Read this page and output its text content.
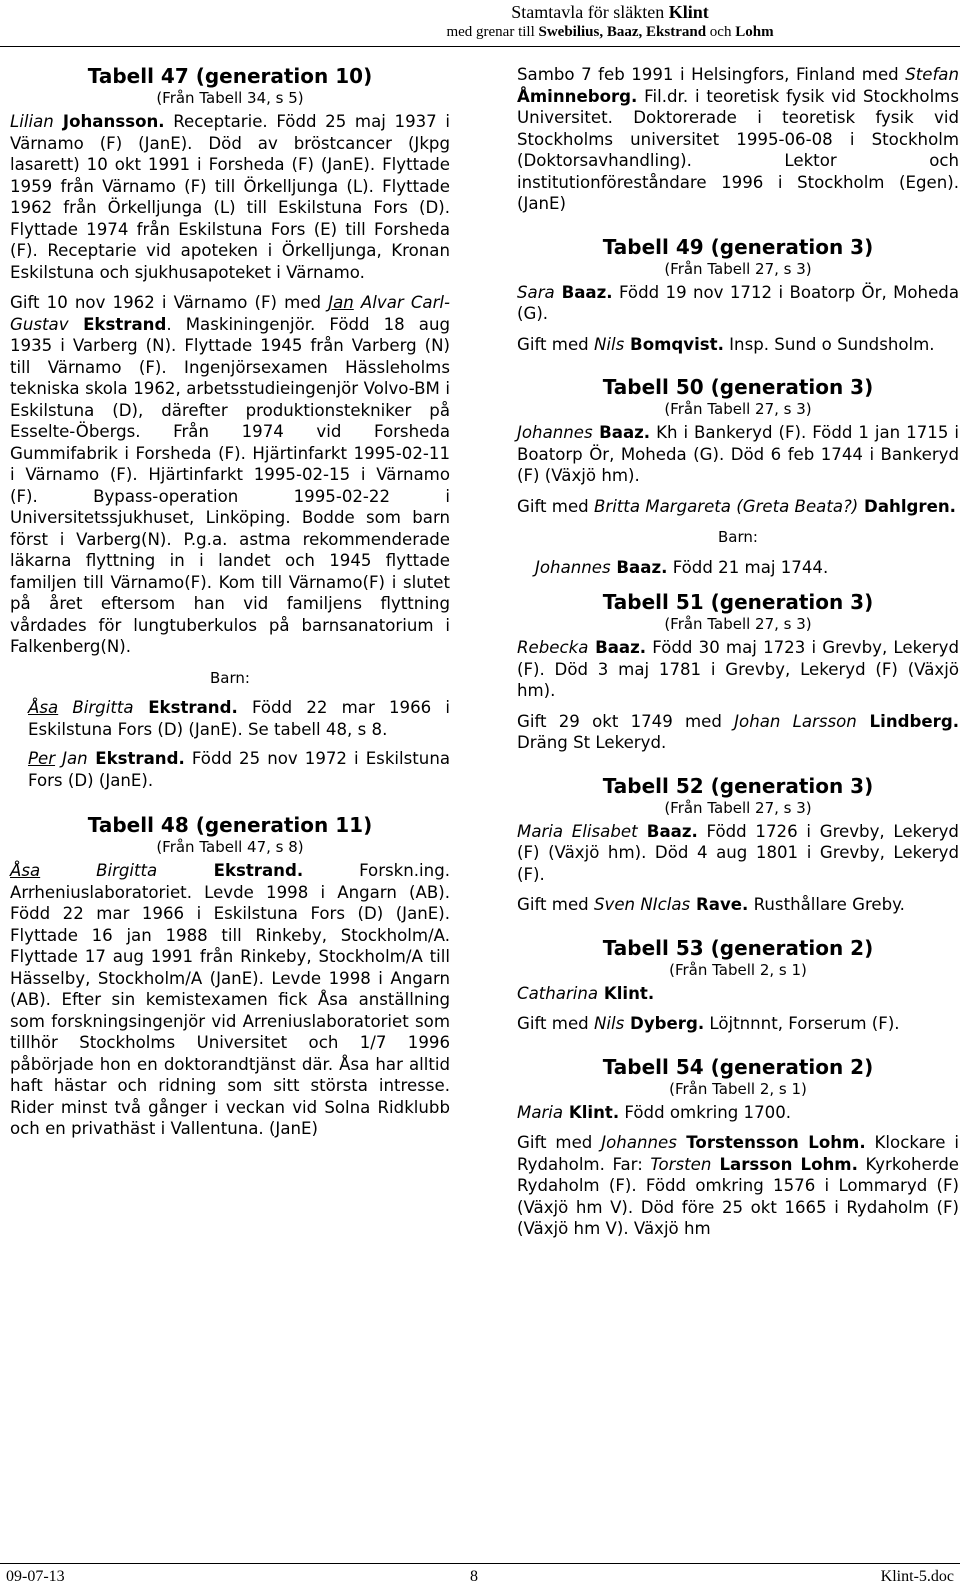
Stamtavla för släkten Klint
med grenar till Swebilius, Baaz, Ekstrand och Lohm
Tabell 47 (generation 10)
(Från Tabell 34, s 5)

Lilian Johansson. Receptarie. Född 25 maj 1937 i Värnamo (F) (JanE). Död av bröstcancer (Jkpg lasarett) 10 okt 1991 i Forsheda (F) (JanE). Flyttade 1959 från Värnamo (F) till Örkelljunga (L). Flyttade 1962 från Örkelljunga (L) till Eskilstuna Fors (D). Flyttade 1974 från Eskilstuna Fors (E) till Forsheda (F). Receptarie vid apoteken i Örkelljunga, Kronan Eskilstuna och sjukhusapoteket i Värnamo.

Gift 10 nov 1962 i Värnamo (F) med Jan Alvar Carl-Gustav Ekstrand. Maskiningenjör. Född 18 aug 1935 i Varberg (N). Flyttade 1945 från Varberg (N) till Värnamo (F). Ingenjörsexamen Hässleholms tekniska skola 1962, arbetsstudieingenjör Volvo-BM i Eskilstuna (D), därefter produktionstekniker på Esselte-Öbergs. Från 1974 vid Forsheda Gummifabrik i Forsheda (F). Hjärtinfarkt 1995-02-11 i Värnamo (F). Hjärtinfarkt 1995-02-15 i Värnamo (F). Bypass-operation 1995-02-22 i Universitetssjukhuset, Linköping. Bodde som barn först i Varberg(N). P.g.a. astma rekommenderade läkarna flyttning in i landet och 1945 flyttade familjen till Värnamo(F). Kom till Värnamo(F) i slutet på året eftersom han vid familjens flyttning vårdades för lungtuberkulos på barnsanatorium i Falkenberg(N).

Barn:

Åsa Birgitta Ekstrand. Född 22 mar 1966 i Eskilstuna Fors (D) (JanE). Se tabell 48, s 8.

Per Jan Ekstrand. Född 25 nov 1972 i Eskilstuna Fors (D) (JanE).

Tabell 48 (generation 11)
(Från Tabell 47, s 8)

Åsa Birgitta Ekstrand. Forskn.ing. Arrheniuslaboratoriet. Levde 1998 i Angarn (AB). Född 22 mar 1966 i Eskilstuna Fors (D) (JanE). Flyttade 16 jan 1988 till Rinkeby, Stockholm/A. Flyttade 17 aug 1991 från Rinkeby, Stockholm/A till Hässelby, Stockholm/A (JanE). Levde 1998 i Angarn (AB). Efter sin kemistexamen fick Åsa anställning som forskningsingenjör vid Arreniuslaboratoriet som tillhör Stockholms Universitet och 1/7 1996 påbörjade hon en doktorandtjänst där. Åsa har alltid haft hästar och ridning som sitt största intresse. Rider minst två gånger i veckan vid Solna Ridklubb och en privathäst i Vallentuna. (JanE)

Sambo 7 feb 1991 i Helsingfors, Finland med Stefan Åminneborg. Fil.dr. i teoretisk fysik vid Stockholms Universitet. Doktorerade i teoretisk fysik vid Stockholms universitet 1995-06-08 i Stockholm (Doktorsavhandling). Lektor och institutionföreståndare 1996 i Stockholm (Egen). (JanE)

Tabell 49 (generation 3)
(Från Tabell 27, s 3)

Sara Baaz. Född 19 nov 1712 i Boatorp Ör, Moheda (G).

Gift med Nils Bomqvist. Insp. Sund o Sundsholm.

Tabell 50 (generation 3)
(Från Tabell 27, s 3)

Johannes Baaz. Kh i Bankeryd (F). Född 1 jan 1715 i Boatorp Ör, Moheda (G). Död 6 feb 1744 i Bankeryd (F) (Växjö hm).

Gift med Britta Margareta (Greta Beata?) Dahlgren.

Barn:

Johannes Baaz. Född 21 maj 1744.

Tabell 51 (generation 3)
(Från Tabell 27, s 3)

Rebecka Baaz. Född 30 maj 1723 i Grevby, Lekeryd (F). Död 3 maj 1781 i Grevby, Lekeryd (F) (Växjö hm).

Gift 29 okt 1749 med Johan Larsson Lindberg. Dräng St Lekeryd.

Tabell 52 (generation 3)
(Från Tabell 27, s 3)

Maria Elisabet Baaz. Född 1726 i Grevby, Lekeryd (F) (Växjö hm). Död 4 aug 1801 i Grevby, Lekeryd (F).

Gift med Sven NIclas Rave. Rusthållare Greby.

Tabell 53 (generation 2)
(Från Tabell 2, s 1)

Catharina Klint.

Gift med Nils Dyberg. Löjtnnnt, Forserum (F).

Tabell 54 (generation 2)
(Från Tabell 2, s 1)

Maria Klint. Född omkring 1700.

Gift med Johannes Torstensson Lohm. Klockare i Rydaholm. Far: Torsten Larsson Lohm. Kyrkoherde Rydaholm (F). Född omkring 1576 i Lommaryd (F) (Växjö hm V). Död före 25 okt 1665 i Rydaholm (F) (Växjö hm V). Växjö hm

09-07-13	8	Klint-5.doc
